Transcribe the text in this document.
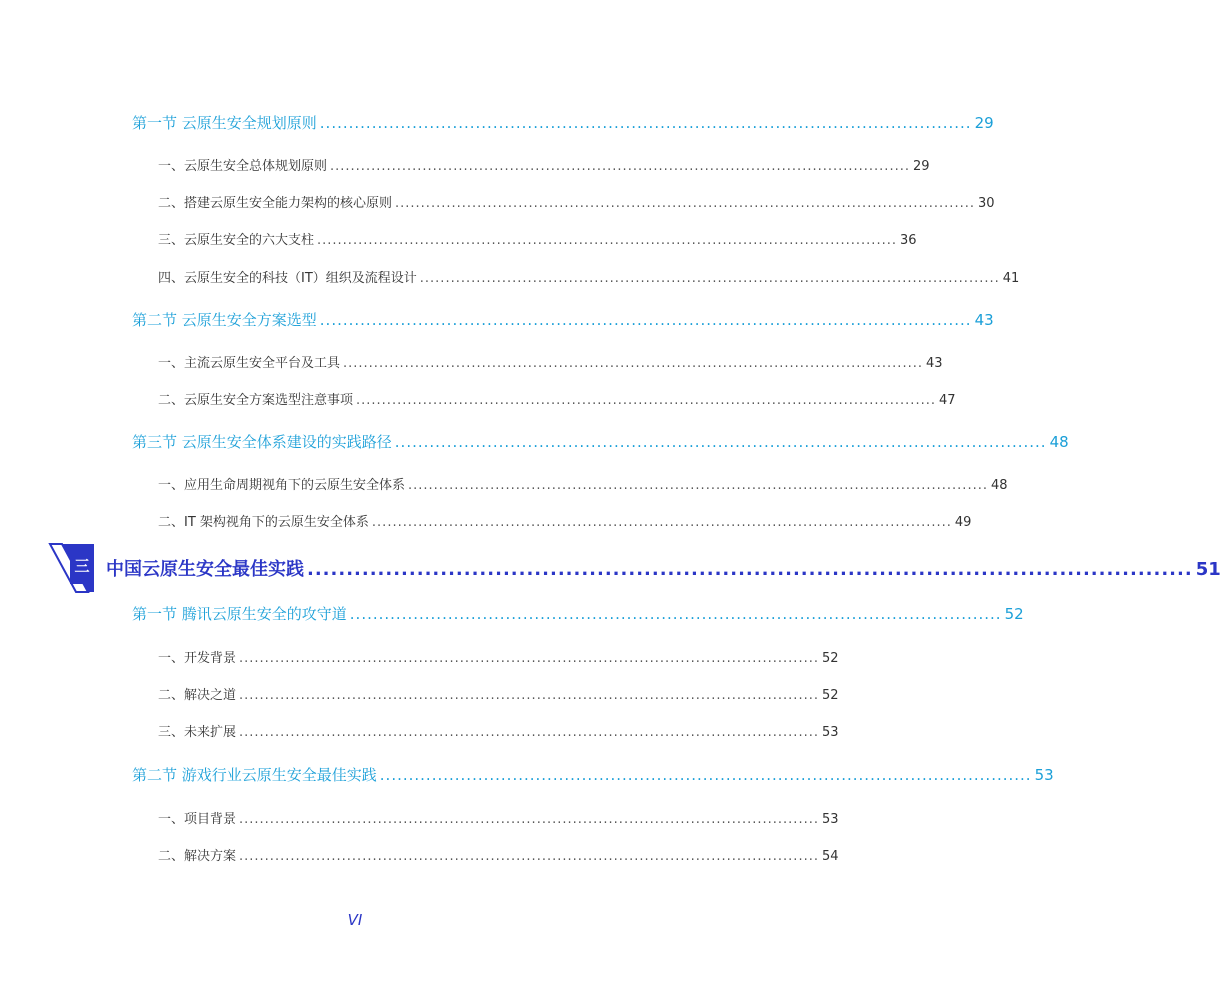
第一节 云原生安全规划原则 ................................................................................................................. 29
一、云原生安全总体规划原则 ................................................................................................................. 29
二、搭建云原生安全能力架构的核心原则 ................................................................................................................. 30
三、云原生安全的六大支柱 ................................................................................................................. 36
四、云原生安全的科技（IT）组织及流程设计 ................................................................................................................. 41
第二节 云原生安全方案选型 ................................................................................................................. 43
一、主流云原生安全平台及工具 ................................................................................................................. 43
二、云原生安全方案选型注意事项 ................................................................................................................. 47
第三节 云原生安全体系建设的实践路径 ................................................................................................................. 48
一、应用生命周期视角下的云原生安全体系 ................................................................................................................. 48
二、IT 架构视角下的云原生安全体系 ................................................................................................................. 49
三 中国云原生安全最佳实践 ................................................................................................................. 51
第一节 腾讯云原生安全的攻守道 ................................................................................................................. 52
一、开发背景 ................................................................................................................. 52
二、解决之道 ................................................................................................................. 52
三、未来扩展 ................................................................................................................. 53
第二节 游戏行业云原生安全最佳实践 ................................................................................................................. 53
一、项目背景 ................................................................................................................. 53
二、解决方案 ................................................................................................................. 54
VI
